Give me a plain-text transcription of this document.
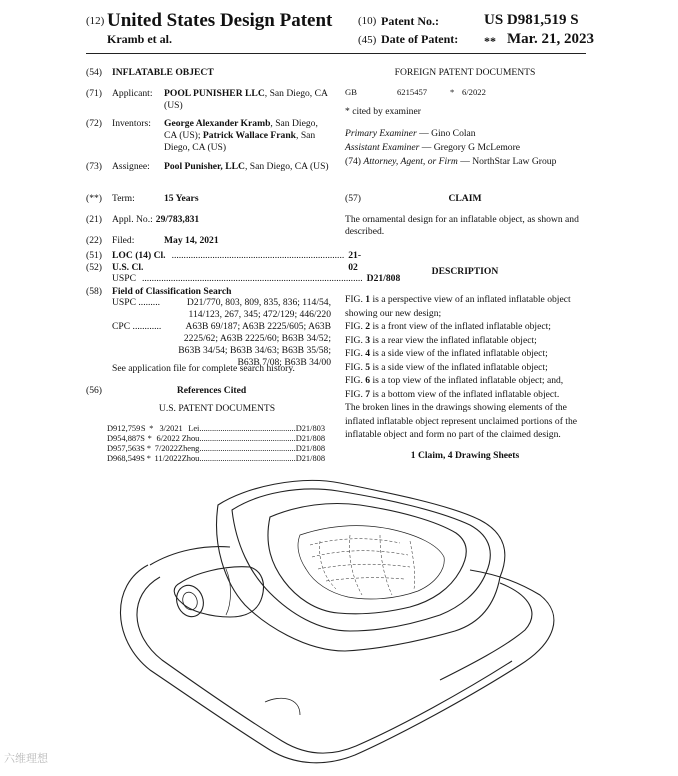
(12) United States Design Patent
Kramb et al.
(10) Patent No.:	US D981,519 S
(45) Date of Patent: ** Mar. 21, 2023
(54)	INFLATABLE OBJECT
(71)	Applicant:	POOL PUNISHER LLC, San Diego, CA (US)
(72)	Inventors:	George Alexander Kramb, San Diego, CA (US); Patrick Wallace Frank, San Diego, CA (US)
(73)	Assignee:	Pool Punisher, LLC, San Diego, CA (US)
(**)	Term:	15 Years
(21)	Appl. No.: 29/783,831
(22)	Filed:	May 14, 2021
(51)	LOC (14) Cl. ........................................................................ 21-02
(52)	U.S. Cl.
USPC ............................................................................................ D21/808
(58)	Field of Classification Search
USPC .........	D21/770, 803, 809, 835, 836; 114/54, 114/123, 267, 345; 472/129; 446/220
CPC ............	A63B 69/187; A63B 2225/605; A63B 2225/62; A63B 2225/60; B63B 34/52; B63B 34/54; B63B 34/63; B63B 35/58; B63B 7/08; B63B 34/00
See application file for complete search history.
(56)	References Cited
U.S. PATENT DOCUMENTS
D912,759 S * 3/2021 Lei .............................................. D21/803
D954,887 S * 6/2022 Zhou .............................................. D21/808
D957,563 S * 7/2022 Zheng .............................................. D21/808
D968,549 S * 11/2022 Zhou .............................................. D21/808
FOREIGN PATENT DOCUMENTS
GB	6215457	* 6/2022
* cited by examiner
Primary Examiner — Gino Colan
Assistant Examiner — Gregory G McLemore
(74) Attorney, Agent, or Firm — NorthStar Law Group
(57)	CLAIM
The ornamental design for an inflatable object, as shown and described.
DESCRIPTION
FIG. 1 is a perspective view of an inflated inflatable object showing our new design;
FIG. 2 is a front view of the inflated inflatable object;
FIG. 3 is a rear view the inflated inflatable object;
FIG. 4 is a side view of the inflated inflatable object;
FIG. 5 is a side view of the inflated inflatable object;
FIG. 6 is a top view of the inflated inflatable object; and,
FIG. 7 is a bottom view of the inflated inflatable object.
The broken lines in the drawings showing elements of the inflated inflatable object represent unclaimed portions of the inflatable object and form no part of the claimed design.
1 Claim, 4 Drawing Sheets
六维理想
